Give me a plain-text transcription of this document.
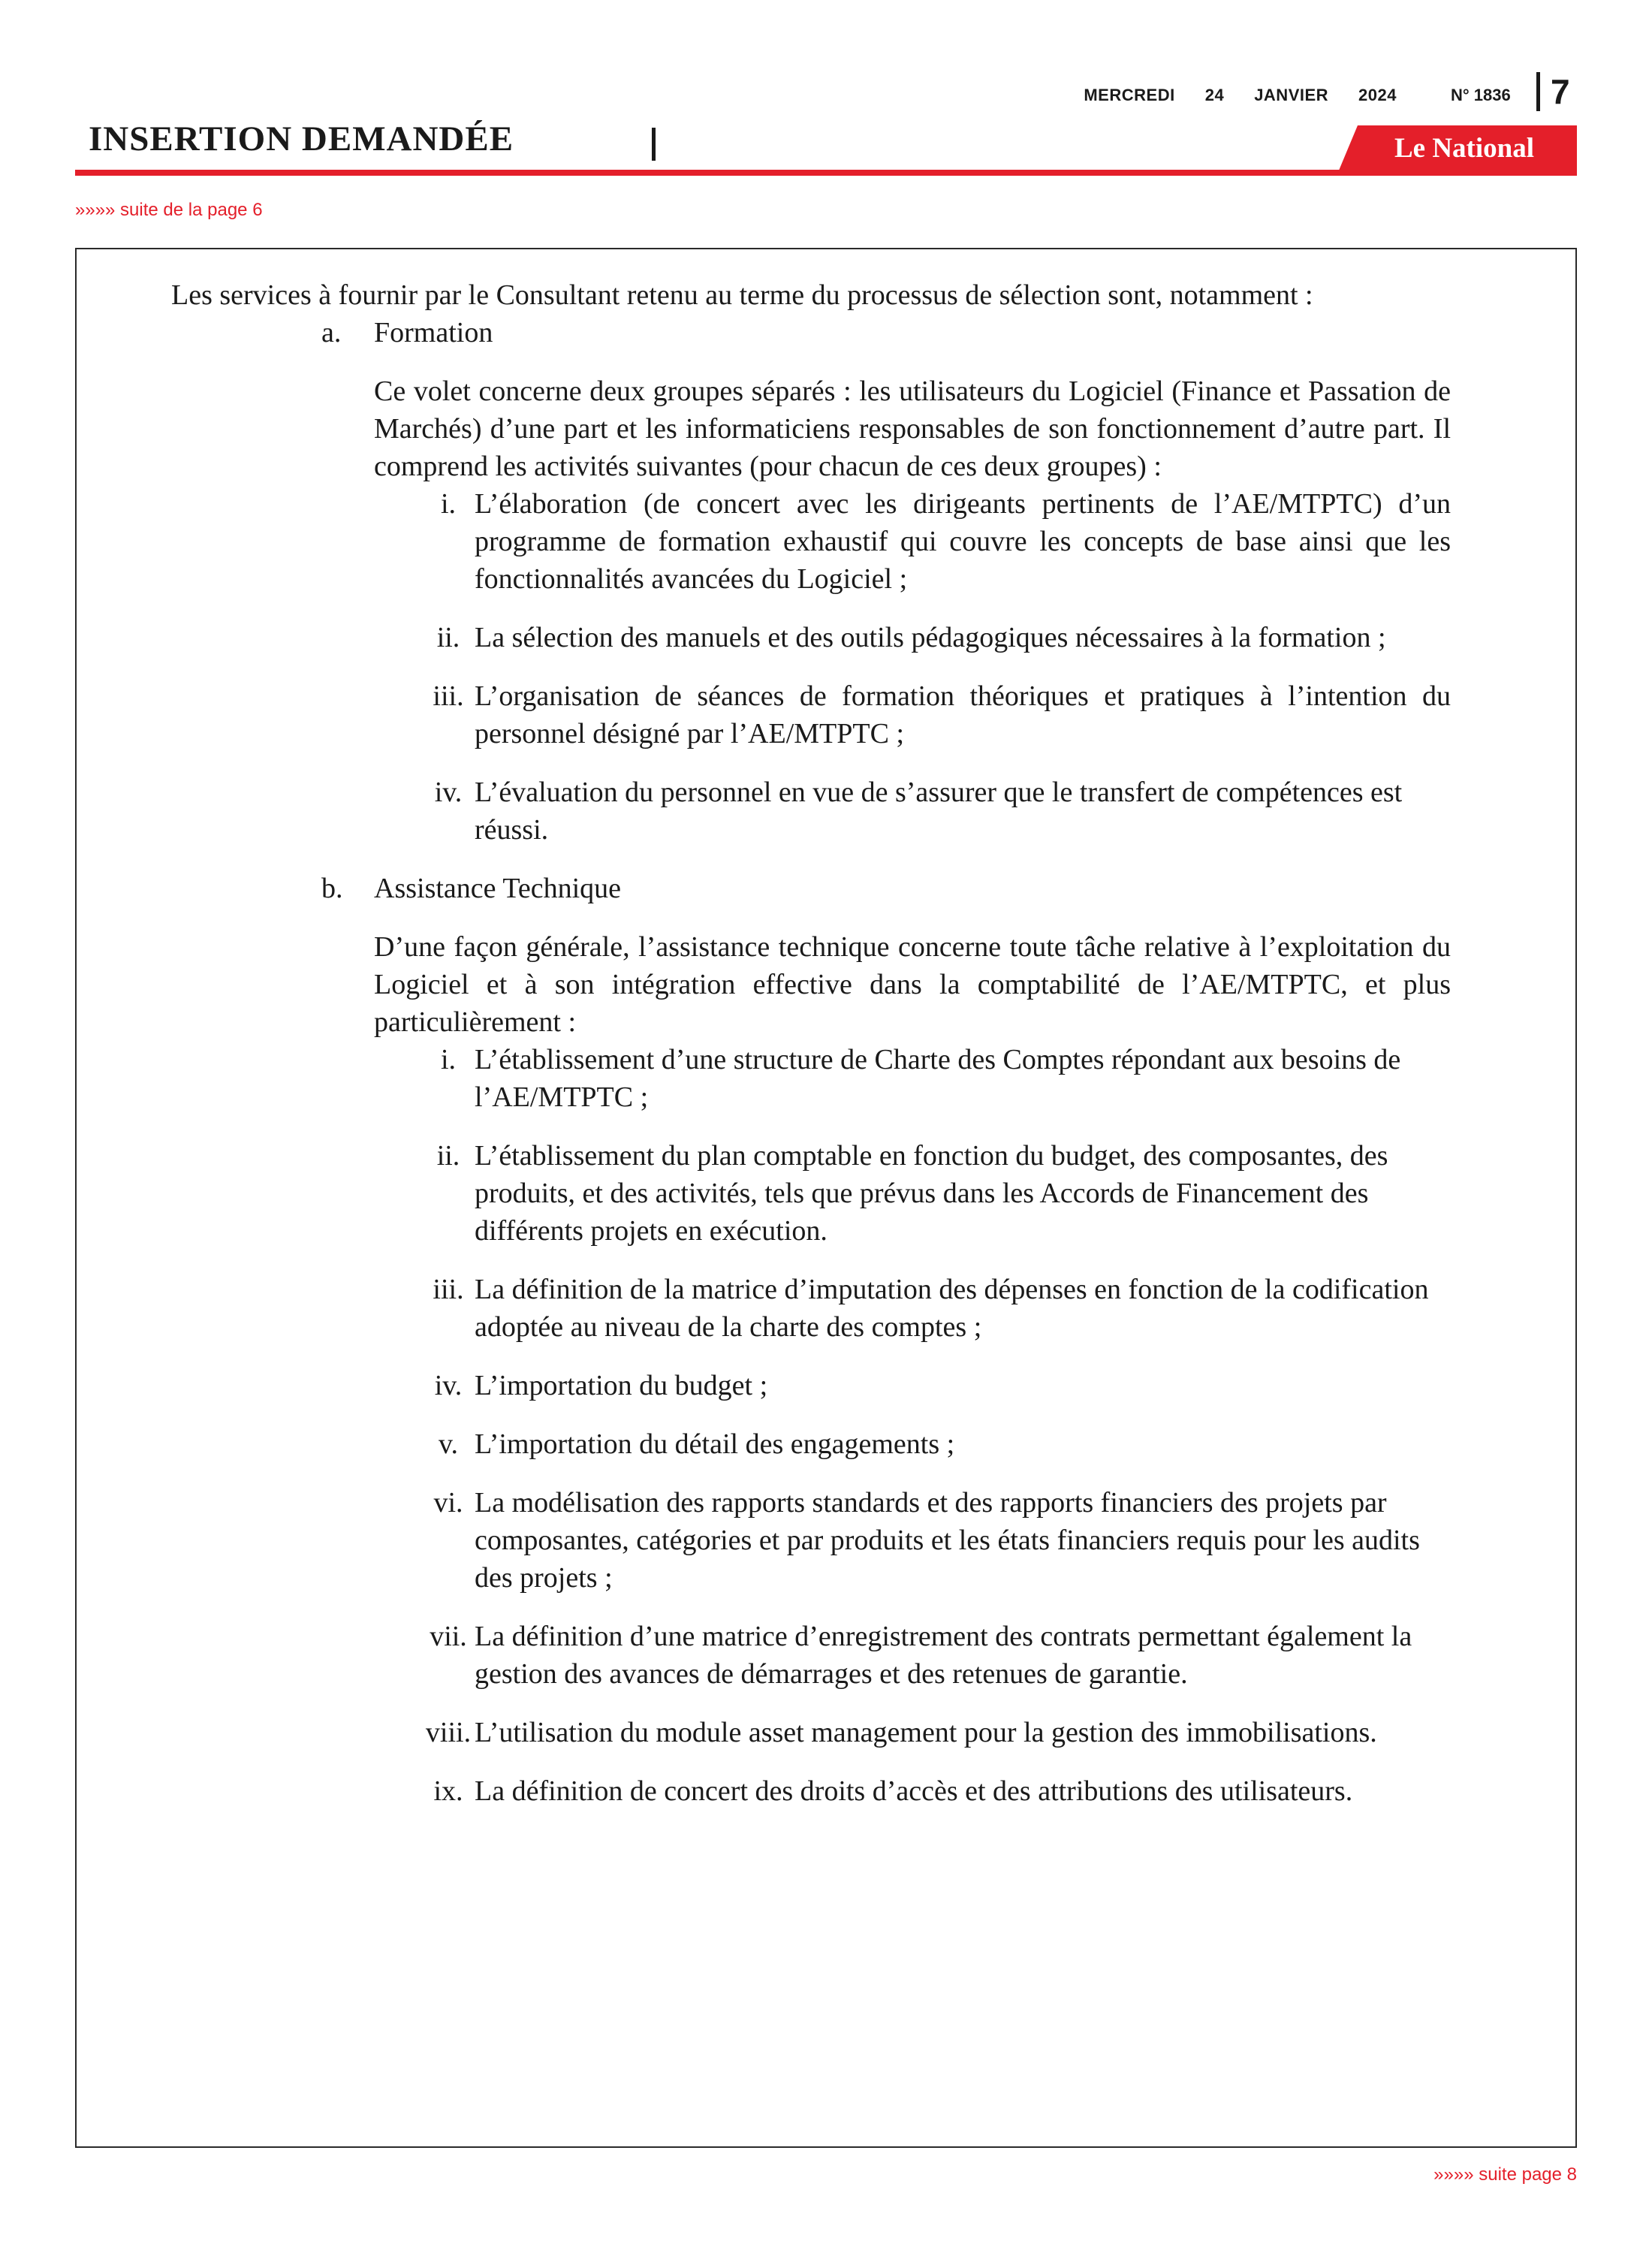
MERCREDI 24 JANVIER 2024	N° 1836 7
INSERTION DEMANDÉE	Le National
»»»» suite de la page 6

Les services à fournir par le Consultant retenu au terme du processus de sélection sont, notamment :

a.	Formation
Ce volet concerne deux groupes séparés : les utilisateurs du Logiciel (Finance et Passation de Marchés) d’une part et les informaticiens responsables de son fonctionnement d’autre part. Il comprend les activités suivantes (pour chacun de ces deux groupes) :
i. L’élaboration (de concert avec les dirigeants pertinents de l’AE/MTPTC) d’un programme de formation exhaustif qui couvre les concepts de base ainsi que les fonctionnalités avancées du Logiciel ;
ii. La sélection des manuels et des outils pédagogiques nécessaires à la formation ;
iii. L’organisation de séances de formation théoriques et pratiques à l’intention du personnel désigné par l’AE/MTPTC ;
iv. L’évaluation du personnel en vue de s’assurer que le transfert de compétences est réussi.
b.	Assistance Technique
D’une façon générale, l’assistance technique concerne toute tâche relative à l’exploitation du Logiciel et à son intégration effective dans la comptabilité de l’AE/MTPTC, et plus particulièrement :
i. L’établissement d’une structure de Charte des Comptes répondant aux besoins de l’AE/MTPTC ;
ii. L’établissement du plan comptable en fonction du budget, des composantes, des produits, et des activités, tels que prévus dans les Accords de Financement des différents projets en exécution.
iii. La définition de la matrice d’imputation des dépenses en fonction de la codification adoptée au niveau de la charte des comptes ;
iv. L’importation du budget ;
v. L’importation du détail des engagements ;
vi. La modélisation des rapports standards et des rapports financiers des projets par composantes, catégories et par produits et les états financiers requis pour les audits des projets ;
vii. La définition d’une matrice d’enregistrement des contrats permettant également la gestion des avances de démarrages et des retenues de garantie.
viii. L’utilisation du module asset management pour la gestion des immobilisations.
ix. La définition de concert des droits d’accès et des attributions des utilisateurs.
»»»» suite page 8
